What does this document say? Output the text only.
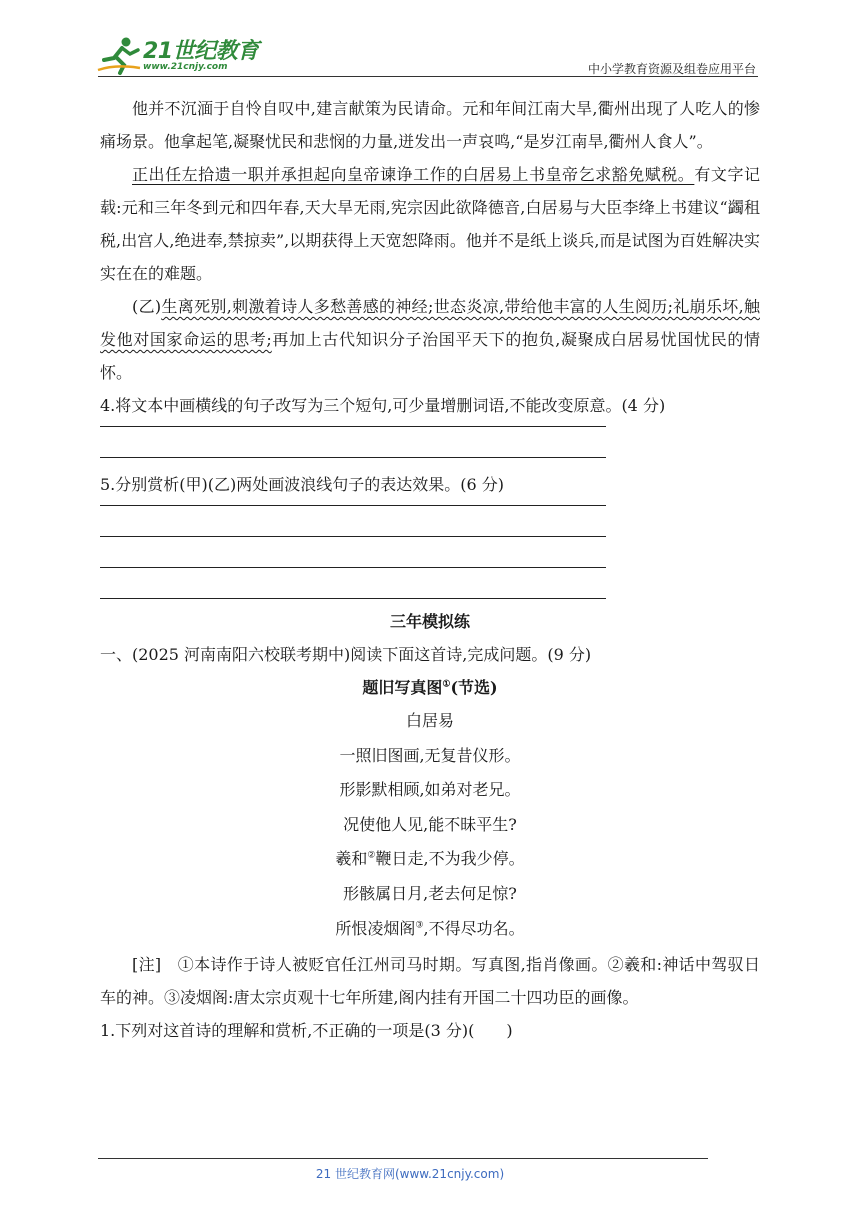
21世纪教育
www.21cnjy.com	中小学教育资源及组卷应用平台

他并不沉湎于自怜自叹中,建言献策为民请命。元和年间江南大旱,衢州出现了人吃人的惨痛场景。他拿起笔,凝聚忧民和悲悯的力量,迸发出一声哀鸣,“是岁江南旱,衢州人食人”。

正出任左拾遗一职并承担起向皇帝谏诤工作的白居易上书皇帝乞求豁免赋税。有文字记载:元和三年冬到元和四年春,天大旱无雨,宪宗因此欲降德音,白居易与大臣李绛上书建议“蠲租税,出宫人,绝进奉,禁掠卖”,以期获得上天宽恕降雨。他并不是纸上谈兵,而是试图为百姓解决实实在在的难题。

(乙)生离死别,刺激着诗人多愁善感的神经;世态炎凉,带给他丰富的人生阅历;礼崩乐坏,触发他对国家命运的思考;再加上古代知识分子治国平天下的抱负,凝聚成白居易忧国忧民的情怀。

4.将文本中画横线的句子改写为三个短句,可少量增删词语,不能改变原意。(4 分)

5.分别赏析(甲)(乙)两处画波浪线句子的表达效果。(6 分)

三年模拟练

一、(2025 河南南阳六校联考期中)阅读下面这首诗,完成问题。(9 分)

题旧写真图①(节选)

白居易

一照旧图画,无复昔仪形。

形影默相顾,如弟对老兄。

况使他人见,能不昧平生?

羲和②鞭日走,不为我少停。

形骸属日月,老去何足惊?

所恨凌烟阁③,不得尽功名。

[注]　 ①本诗作于诗人被贬官任江州司马时期。写真图,指肖像画。②羲和:神话中驾驭日车的神。③凌烟阁:唐太宗贞观十七年所建,阁内挂有开国二十四功臣的画像。

1.下列对这首诗的理解和赏析,不正确的一项是(3 分)(　　)

21 世纪教育网(www.21cnjy.com)
